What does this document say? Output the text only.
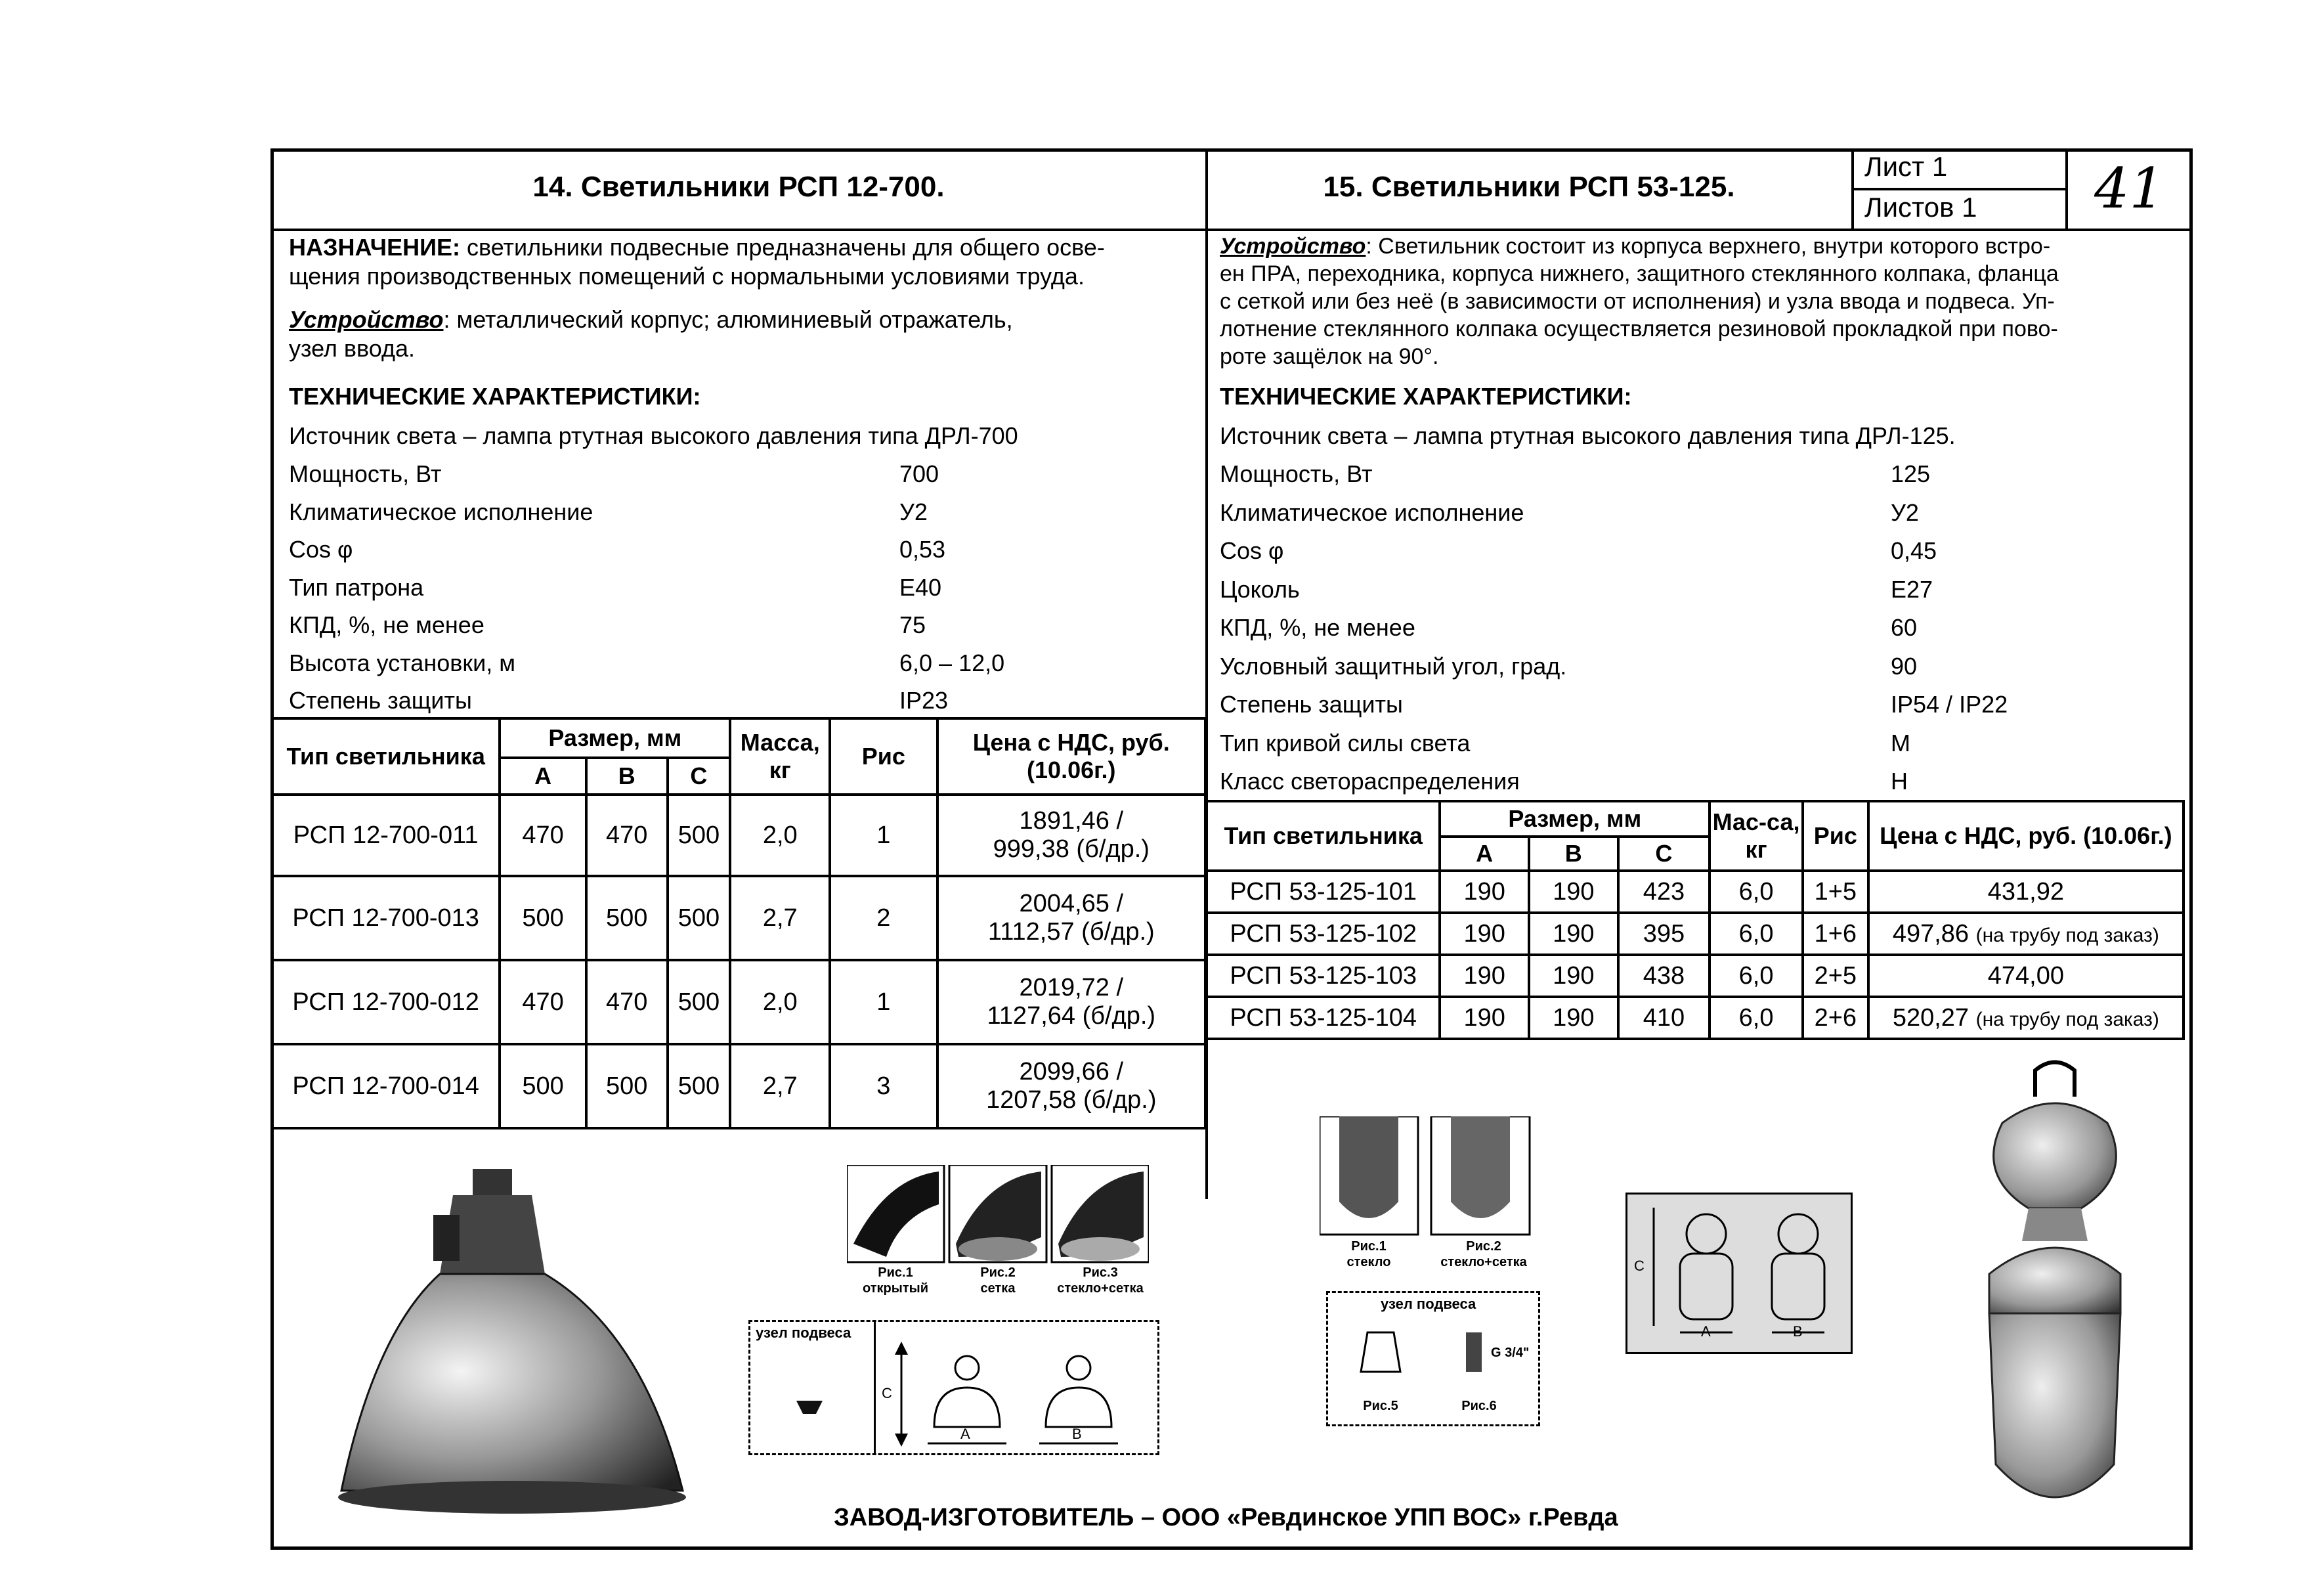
14. Светильники РСП 12-700.	15. Светильники РСП 53-125.
Лист 1
Листов 1 41
НАЗНАЧЕНИЕ: светильники подвесные предназначены для общего осве-
щения производственных помещений с нормальными условиями труда.
Устройство: металлический корпус; алюминиевый отражатель,
узел ввода.
ТЕХНИЧЕСКИЕ ХАРАКТЕРИСТИКИ:
Источник света – лампа ртутная высокого давления типа ДРЛ-700
Мощность, Вт	700
Климатическое исполнение	У2
Cos φ	0,53
Тип патрона	Е40
КПД, %, не менее	75
Высота установки, м	6,0 – 12,0
Степень защиты	IP23
Тип светильника	Размер, мм			Масса, кг	Рис	Цена с НДС, руб. (10.06г.)
	А	В	С			
РСП 12-700-011	470	470	500	2,0	1	1891,46 /
999,38 (б/др.)

РСП 12-700-013	500	500	500	2,7	2	2004,65 /
1112,57 (б/др.)

РСП 12-700-012	470	470	500	2,0	1	2019,72 /
1127,64 (б/др.)

РСП 12-700-014	500	500	500	2,7	3	2099,66 /
1207,58 (б/др.)
Устройство: Светильник состоит из корпуса верхнего, внутри которого встро-
ен ПРА, переходника, корпуса нижнего, защитного стеклянного колпака, фланца
с сеткой или без неё (в зависимости от исполнения) и узла ввода и подвеса. Уп-
лотнение стеклянного колпака осуществляется резиновой прокладкой при пово-
роте защёлок на 90°.
ТЕХНИЧЕСКИЕ ХАРАКТЕРИСТИКИ:
Источник света – лампа ртутная высокого давления типа ДРЛ-125.
Мощность, Вт	125
Климатическое исполнение	У2
Cos φ	0,45
Цоколь	Е27
КПД, %, не менее	60
Условный защитный угол, град.	90
Степень защиты	IP54 / IP22
Тип кривой силы света	М
Класс светораспределения	Н
Тип светильника	Размер, мм			Мас-са, кг	Рис	Цена с НДС, руб. (10.06г.)
	А	В	С			
РСП 53-125-101	190	190	423	6,0	1+5	431,92
РСП 53-125-102	190	190	395	6,0	1+6	497,86 (на трубу под заказ)
РСП 53-125-103	190	190	438	6,0	2+5	474,00
РСП 53-125-104	190	190	410	6,0	2+6	520,27 (на трубу под заказ)
Рис.1
открытый
Рис.2
сетка
Рис.3
стекло+сетка
узел подвеса
С
А	В
Рис.1
стекло
Рис.2
стекло+сетка
узел подвеса
Рис.5	Рис.6
G 3/4"
С
А	В
ЗАВОД-ИЗГОТОВИТЕЛЬ – ООО «Ревдинское УПП ВОС» г.Ревда
